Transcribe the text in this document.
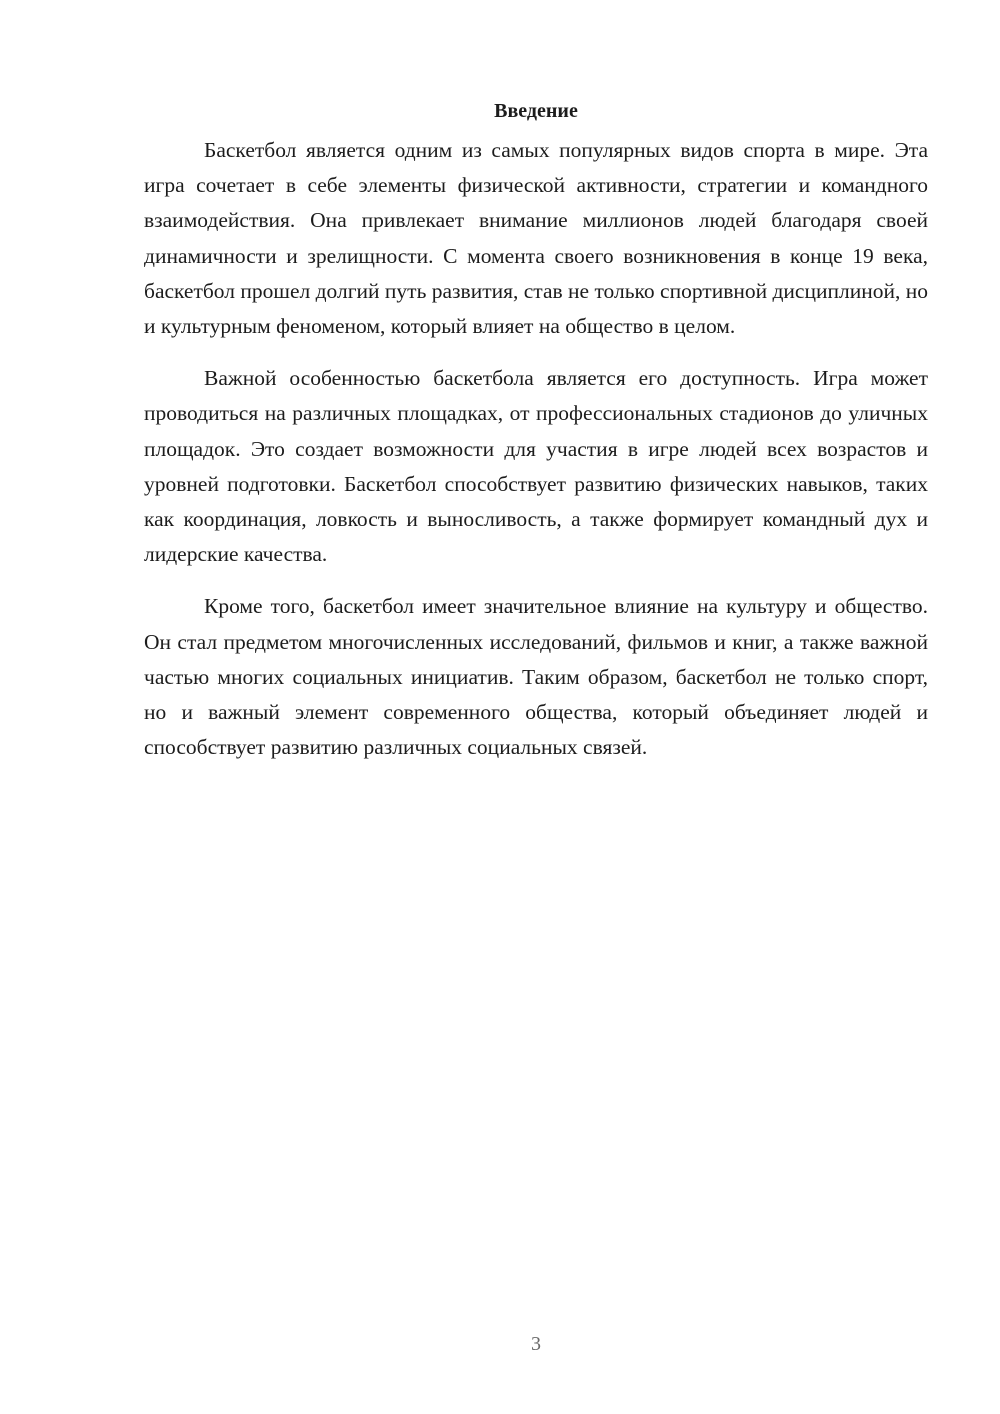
Введение

Баскетбол является одним из самых популярных видов спорта в мире. Эта игра сочетает в себе элементы физической активности, стратегии и командного взаимодействия. Она привлекает внимание миллионов людей благодаря своей динамичности и зрелищности. С момента своего возникновения в конце 19 века, баскетбол прошел долгий путь развития, став не только спортивной дисциплиной, но и культурным феноменом, который влияет на общество в целом.

Важной особенностью баскетбола является его доступность. Игра может проводиться на различных площадках, от профессиональных стадионов до уличных площадок. Это создает возможности для участия в игре людей всех возрастов и уровней подготовки. Баскетбол способствует развитию физических навыков, таких как координация, ловкость и выносливость, а также формирует командный дух и лидерские качества.

Кроме того, баскетбол имеет значительное влияние на культуру и общество. Он стал предметом многочисленных исследований, фильмов и книг, а также важной частью многих социальных инициатив. Таким образом, баскетбол не только спорт, но и важный элемент современного общества, который объединяет людей и способствует развитию различных социальных связей.

3
